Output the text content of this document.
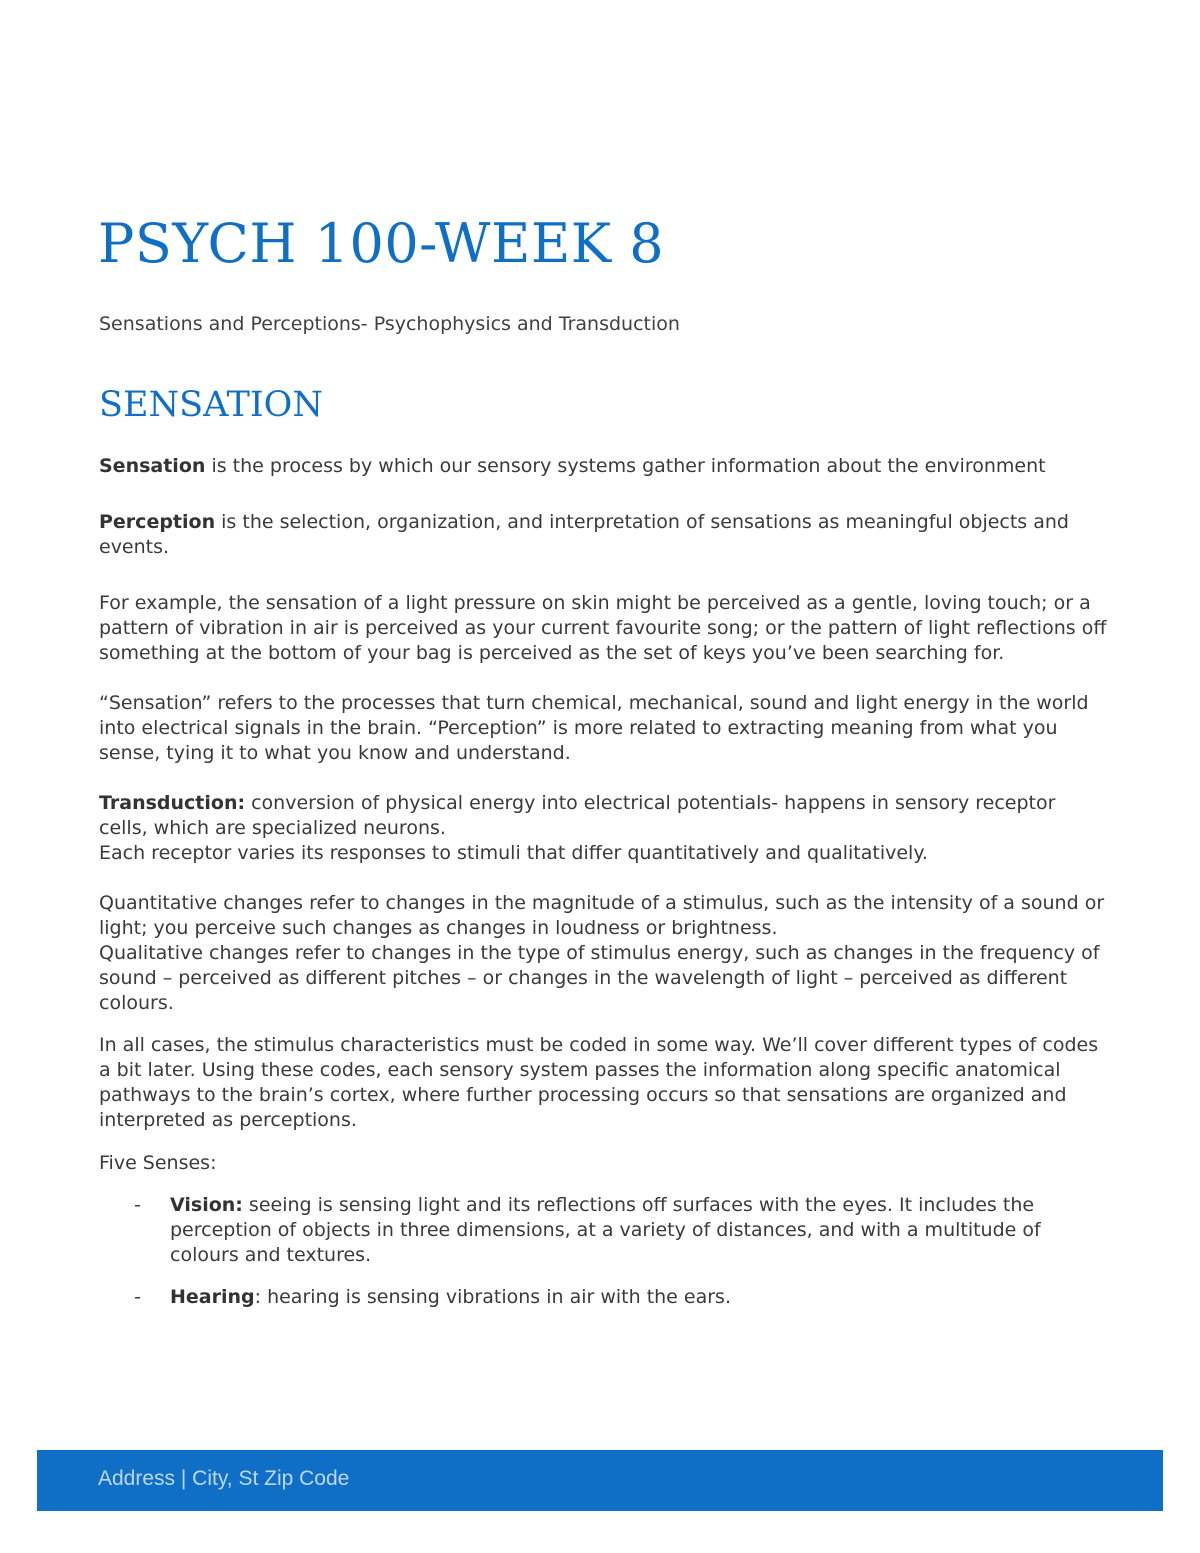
PSYCH 100-WEEK 8

Sensations and Perceptions- Psychophysics and Transduction

SENSATION

Sensation is the process by which our sensory systems gather information about the environment

Perception is the selection, organization, and interpretation of sensations as meaningful objects and events.

For example, the sensation of a light pressure on skin might be perceived as a gentle, loving touch; or a pattern of vibration in air is perceived as your current favourite song; or the pattern of light reflections off something at the bottom of your bag is perceived as the set of keys you’ve been searching for.

“Sensation” refers to the processes that turn chemical, mechanical, sound and light energy in the world into electrical signals in the brain. “Perception” is more related to extracting meaning from what you sense, tying it to what you know and understand.

Transduction: conversion of physical energy into electrical potentials- happens in sensory receptor cells, which are specialized neurons.

Each receptor varies its responses to stimuli that differ quantitatively and qualitatively.

Quantitative changes refer to changes in the magnitude of a stimulus, such as the intensity of a sound or light; you perceive such changes as changes in loudness or brightness.

Qualitative changes refer to changes in the type of stimulus energy, such as changes in the frequency of sound – perceived as different pitches – or changes in the wavelength of light – perceived as different colours.

In all cases, the stimulus characteristics must be coded in some way. We’ll cover different types of codes a bit later. Using these codes, each sensory system passes the information along specific anatomical pathways to the brain’s cortex, where further processing occurs so that sensations are organized and interpreted as perceptions.

Five Senses:

- Vision: seeing is sensing light and its reflections off surfaces with the eyes. It includes the perception of objects in three dimensions, at a variety of distances, and with a multitude of colours and textures.
- Hearing: hearing is sensing vibrations in air with the ears.
Address | City, St Zip Code
